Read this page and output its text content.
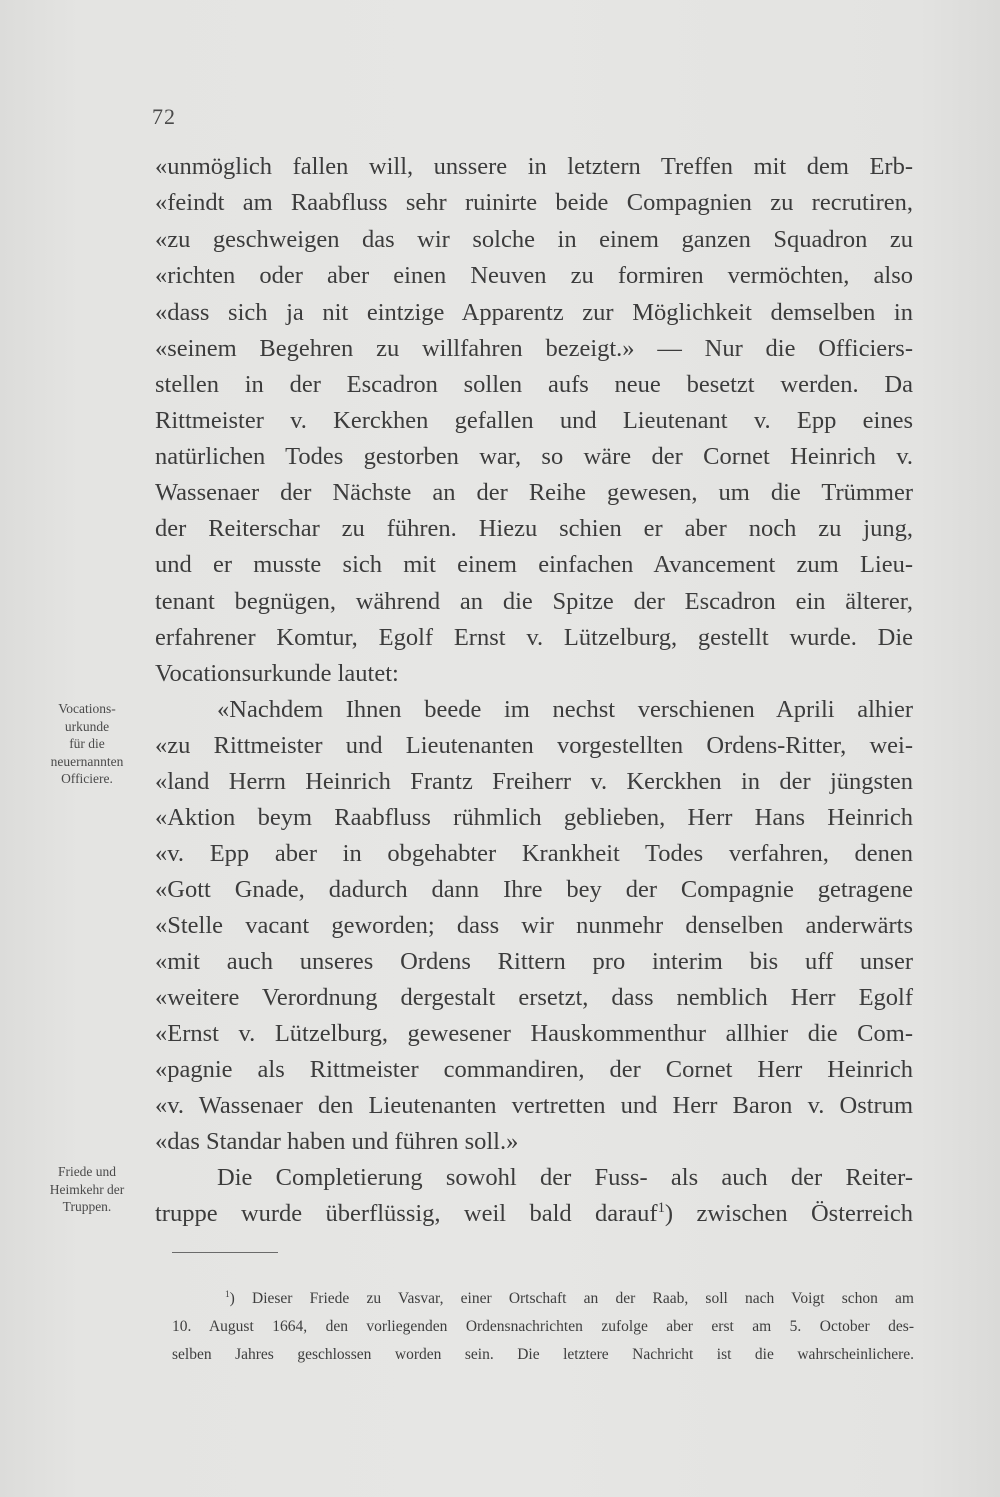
72
«unmöglich fallen will, unssere in letztern Treffen mit dem Erb-
«feindt am Raabfluss sehr ruinirte beide Compagnien zu recrutiren,
«zu geschweigen das wir solche in einem ganzen Squadron zu
«richten oder aber einen Neuven zu formiren vermöchten, also
«dass sich ja nit eintzige Apparentz zur Möglichkeit demselben in
«seinem Begehren zu willfahren bezeigt.» — Nur die Officiers-
stellen in der Escadron sollen aufs neue besetzt werden. Da
Rittmeister v. Kerckhen gefallen und Lieutenant v. Epp eines
natürlichen Todes gestorben war, so wäre der Cornet Heinrich v.
Wassenaer der Nächste an der Reihe gewesen, um die Trümmer
der Reiterschar zu führen. Hiezu schien er aber noch zu jung,
und er musste sich mit einem einfachen Avancement zum Lieu-
tenant begnügen, während an die Spitze der Escadron ein älterer,
erfahrener Komtur, Egolf Ernst v. Lützelburg, gestellt wurde. Die
Vocationsurkunde lautet:
«Nachdem Ihnen beede im nechst verschienen Aprili alhier
«zu Rittmeister und Lieutenanten vorgestellten Ordens-Ritter, wei-
«land Herrn Heinrich Frantz Freiherr v. Kerckhen in der jüngsten
«Aktion beym Raabfluss rühmlich geblieben, Herr Hans Heinrich
«v. Epp aber in obgehabter Krankheit Todes verfahren, denen
«Gott Gnade, dadurch dann Ihre bey der Compagnie getragene
«Stelle vacant geworden; dass wir nunmehr denselben anderwärts
«mit auch unseres Ordens Rittern pro interim bis uff unser
«weitere Verordnung dergestalt ersetzt, dass nemblich Herr Egolf
«Ernst v. Lützelburg, gewesener Hauskommenthur allhier die Com-
«pagnie als Rittmeister commandiren, der Cornet Herr Heinrich
«v. Wassenaer den Lieutenanten vertretten und Herr Baron v. Ostrum
«das Standar haben und führen soll.»
Die Completierung sowohl der Fuss- als auch der Reiter-
truppe wurde überflüssig, weil bald darauf$^1$) zwischen Österreich
Vocations-
urkunde
für die
neuernannten
Officiere.
Friede und
Heimkehr der
Truppen.
$^1$) Dieser Friede zu Vasvar, einer Ortschaft an der Raab, soll nach Voigt schon am
10. August 1664, den vorliegenden Ordensnachrichten zufolge aber erst am 5. October des-
selben Jahres geschlossen worden sein. Die letztere Nachricht ist die wahrscheinlichere.
